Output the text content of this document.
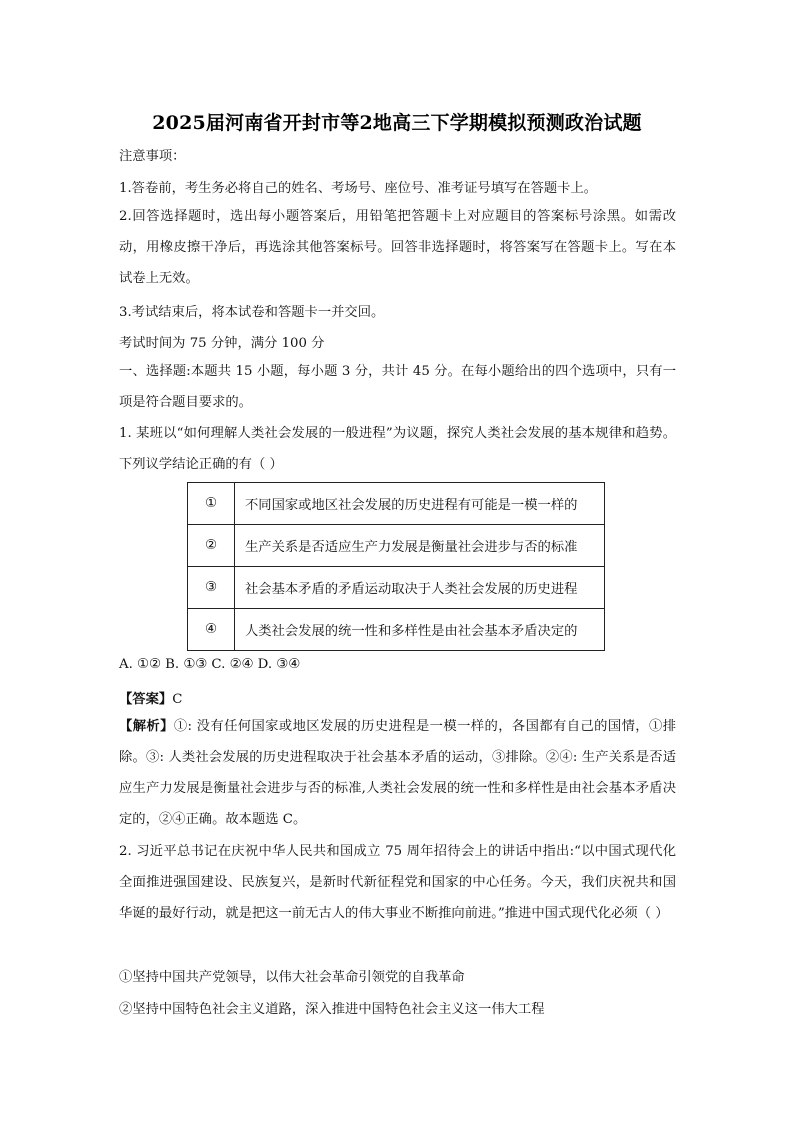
2025届河南省开封市等2地高三下学期模拟预测政治试题
注意事项：
1.答卷前，考生务必将自己的姓名、考场号、座位号、准考证号填写在答题卡上。
2.回答选择题时，选出每小题答案后，用铅笔把答题卡上对应题目的答案标号涂黑。如需改动，用橡皮擦干净后，再选涂其他答案标号。回答非选择题时，将答案写在答题卡上。写在本试卷上无效。
3.考试结束后，将本试卷和答题卡一并交回。
考试时间为 75 分钟，满分 100 分
一、选择题:本题共 15 小题，每小题 3 分，共计 45 分。在每小题给出的四个选项中，只有一项是符合题目要求的。
1. 某班以“如何理解人类社会发展的一般进程”为议题，探究人类社会发展的基本规律和趋势。下列议学结论正确的有（ ）
①	不同国家或地区社会发展的历史进程有可能是一模一样的
②	生产关系是否适应生产力发展是衡量社会进步与否的标准
③	社会基本矛盾的矛盾运动取决于人类社会发展的历史进程
④	人类社会发展的统一性和多样性是由社会基本矛盾决定的
A. ①② B. ①③ C. ②④ D. ③④
【答案】C
【解析】①: 没有任何国家或地区发展的历史进程是一模一样的，各国都有自己的国情，①排除。③: 人类社会发展的历史进程取决于社会基本矛盾的运动，③排除。②④: 生产关系是否适应生产力发展是衡量社会进步与否的标准,人类社会发展的统一性和多样性是由社会基本矛盾决定的，②④正确。故本题选 C。
2. 习近平总书记在庆祝中华人民共和国成立 75 周年招待会上的讲话中指出:“以中国式现代化全面推进强国建设、民族复兴，是新时代新征程党和国家的中心任务。今天，我们庆祝共和国华诞的最好行动，就是把这一前无古人的伟大事业不断推向前进。”推进中国式现代化必须（ ）
①坚持中国共产党领导，以伟大社会革命引领党的自我革命
②坚持中国特色社会主义道路，深入推进中国特色社会主义这一伟大工程
